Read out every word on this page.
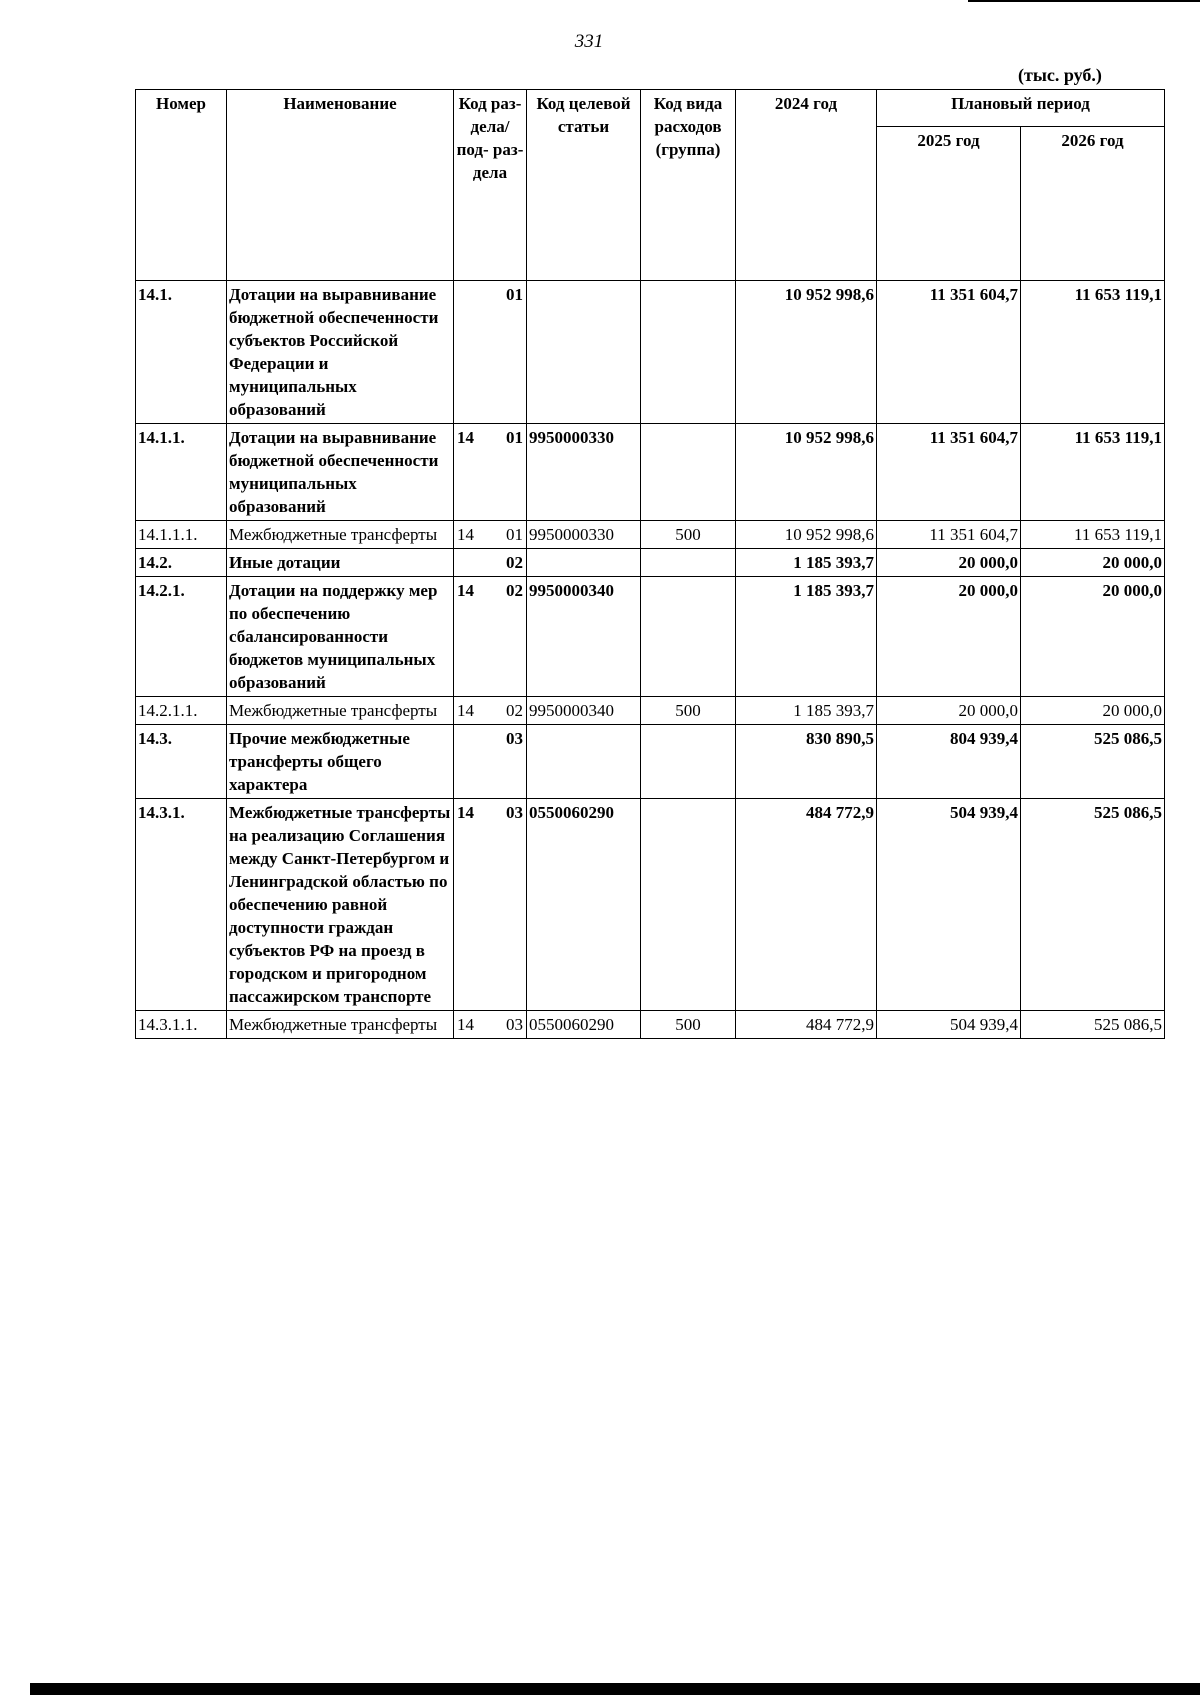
331
(тыс. руб.)
Номер	Наименование	Код раз- дела/ под- раз- дела	Код целевой статьи	Код вида расходов (группа)	2024 год	Плановый период	
						2025 год	2026 год
14.1.	Дотации на выравнивание бюджетной обеспеченности субъектов Российской Федерации и муниципальных образований	01			10 952 998,6	11 351 604,7	11 653 119,1
14.1.1.	Дотации на выравнивание бюджетной обеспеченности муниципальных образований	14 01	9950000330		10 952 998,6	11 351 604,7	11 653 119,1
14.1.1.1.	Межбюджетные трансферты	14 01	9950000330	500	10 952 998,6	11 351 604,7	11 653 119,1
14.2.	Иные дотации	02			1 185 393,7	20 000,0	20 000,0
14.2.1.	Дотации на поддержку мер по обеспечению сбалансированности бюджетов муниципальных образований	14 02	9950000340		1 185 393,7	20 000,0	20 000,0
14.2.1.1.	Межбюджетные трансферты	14 02	9950000340	500	1 185 393,7	20 000,0	20 000,0
14.3.	Прочие межбюджетные трансферты общего характера	03			830 890,5	804 939,4	525 086,5
14.3.1.	Межбюджетные трансферты на реализацию Соглашения между Санкт-Петербургом и Ленинградской областью по обеспечению равной доступности граждан субъектов РФ на проезд в городском и пригородном пассажирском транспорте	14 03	0550060290		484 772,9	504 939,4	525 086,5
14.3.1.1.	Межбюджетные трансферты	14 03	0550060290	500	484 772,9	504 939,4	525 086,5
